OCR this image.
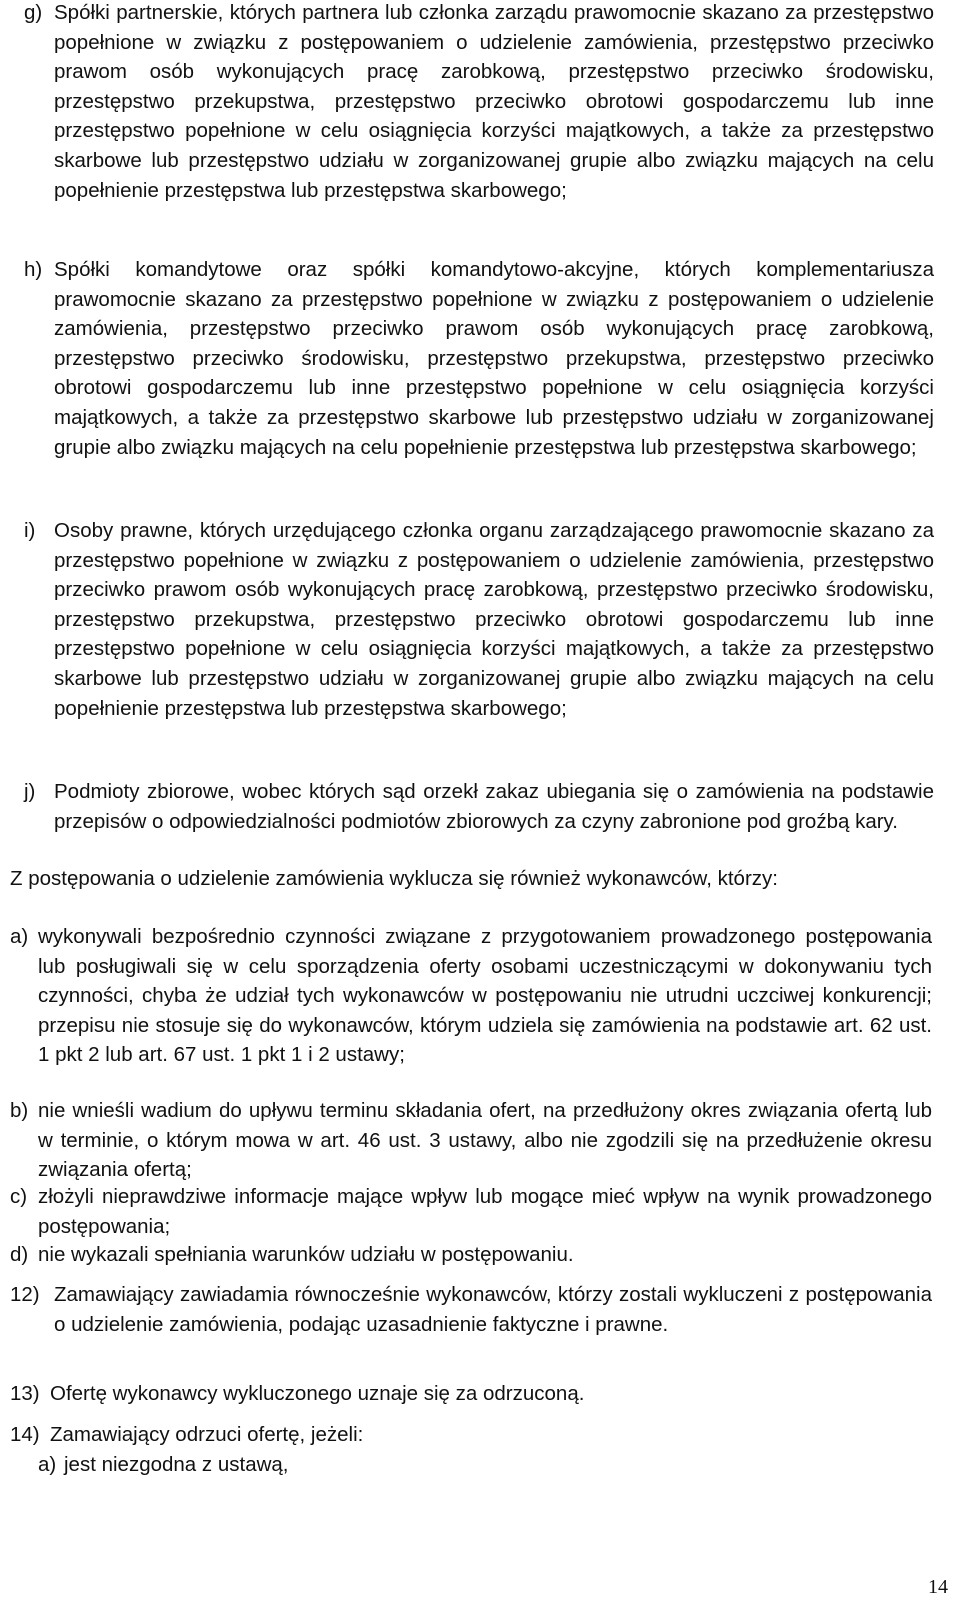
g) Spółki partnerskie, których partnera lub członka zarządu prawomocnie skazano za przestępstwo popełnione w związku z postępowaniem o udzielenie zamówienia, przestępstwo przeciwko prawom osób wykonujących pracę zarobkową, przestępstwo przeciwko środowisku, przestępstwo przekupstwa, przestępstwo przeciwko obrotowi gospodarczemu lub inne przestępstwo popełnione w celu osiągnięcia korzyści majątkowych, a także za przestępstwo skarbowe lub przestępstwo udziału w zorganizowanej grupie albo związku mających na celu popełnienie przestępstwa lub przestępstwa skarbowego;
h) Spółki komandytowe oraz spółki komandytowo-akcyjne, których komplementariusza prawomocnie skazano za przestępstwo popełnione w związku z postępowaniem o udzielenie zamówienia, przestępstwo przeciwko prawom osób wykonujących pracę zarobkową, przestępstwo przeciwko środowisku, przestępstwo przekupstwa, przestępstwo przeciwko obrotowi gospodarczemu lub inne przestępstwo popełnione w celu osiągnięcia korzyści majątkowych, a także za przestępstwo skarbowe lub przestępstwo udziału w zorganizowanej grupie albo związku mających na celu popełnienie przestępstwa lub przestępstwa skarbowego;
i) Osoby prawne, których urzędującego członka organu zarządzającego prawomocnie skazano za przestępstwo popełnione w związku z postępowaniem o udzielenie zamówienia, przestępstwo przeciwko prawom osób wykonujących pracę zarobkową, przestępstwo przeciwko środowisku, przestępstwo przekupstwa, przestępstwo przeciwko obrotowi gospodarczemu lub inne przestępstwo popełnione w celu osiągnięcia korzyści majątkowych, a także za przestępstwo skarbowe lub przestępstwo udziału w zorganizowanej grupie albo związku mających na celu popełnienie przestępstwa lub przestępstwa skarbowego;
j) Podmioty zbiorowe, wobec których sąd orzekł zakaz ubiegania się o zamówienia na podstawie przepisów o odpowiedzialności podmiotów zbiorowych za czyny zabronione pod groźbą kary.
Z postępowania o udzielenie zamówienia wyklucza się również wykonawców, którzy:
a) wykonywali bezpośrednio czynności związane z przygotowaniem prowadzonego postępowania lub posługiwali się w celu sporządzenia oferty osobami uczestniczącymi w dokonywaniu tych czynności, chyba że udział tych wykonawców w postępowaniu nie utrudni uczciwej konkurencji; przepisu nie stosuje się do wykonawców, którym udziela się zamówienia na podstawie art. 62 ust. 1 pkt 2 lub art. 67 ust. 1 pkt 1 i 2 ustawy;
b) nie wnieśli wadium do upływu terminu składania ofert, na przedłużony okres związania ofertą lub w terminie, o którym mowa w art. 46 ust. 3 ustawy, albo nie zgodzili się na przedłużenie okresu związania ofertą;
c) złożyli nieprawdziwe informacje mające wpływ lub mogące mieć wpływ na wynik prowadzonego postępowania;
d) nie wykazali spełniania warunków udziału w postępowaniu.
12) Zamawiający zawiadamia równocześnie wykonawców, którzy zostali wykluczeni z postępowania o udzielenie zamówienia, podając uzasadnienie faktyczne i prawne.
13) Ofertę wykonawcy wykluczonego uznaje się za odrzuconą.
14) Zamawiający odrzuci ofertę, jeżeli:
a) jest niezgodna z ustawą,
14
